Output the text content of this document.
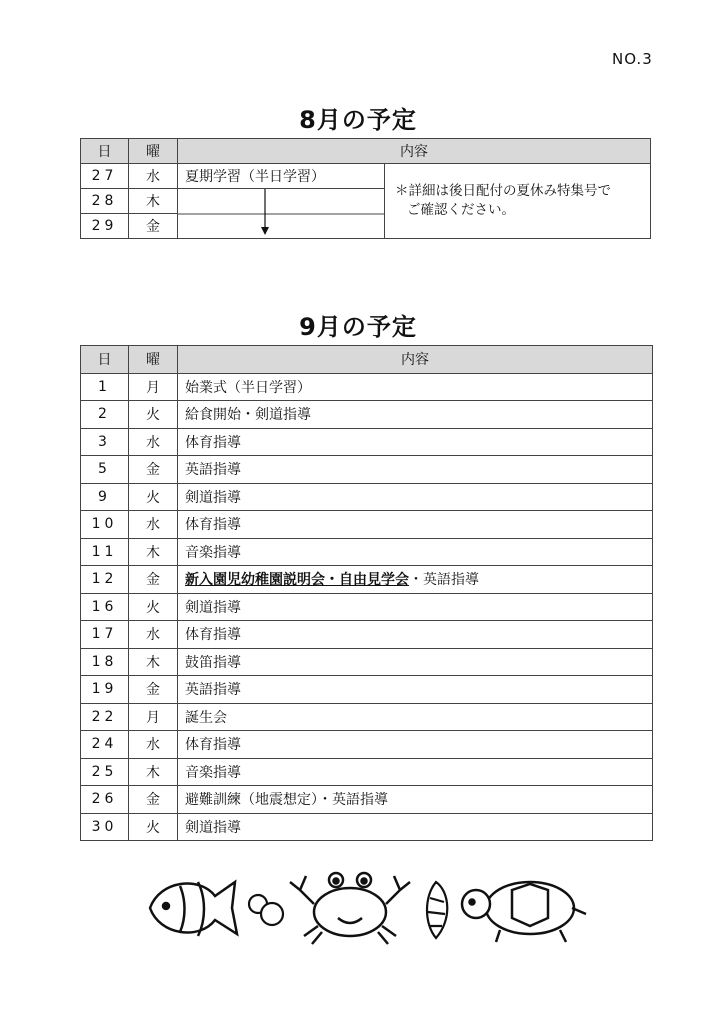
NO.3
8月の予定
日	曜	内容	
27	水	夏期学習（半日学習）	＊詳細は後日配付の夏休み特集号で
ご確認ください。

28	木	

29	金		
9月の予定
日	曜	内容
1	月	始業式（半日学習）
2	火	給食開始・剣道指導
3	水	体育指導
5	金	英語指導
9	火	剣道指導
10	水	体育指導
11	木	音楽指導
12	金	新入園児幼稚園説明会・自由見学会・英語指導
16	火	剣道指導
17	水	体育指導
18	木	鼓笛指導
19	金	英語指導
22	月	誕生会
24	水	体育指導
25	木	音楽指導
26	金	避難訓練（地震想定）・英語指導
30	火	剣道指導
